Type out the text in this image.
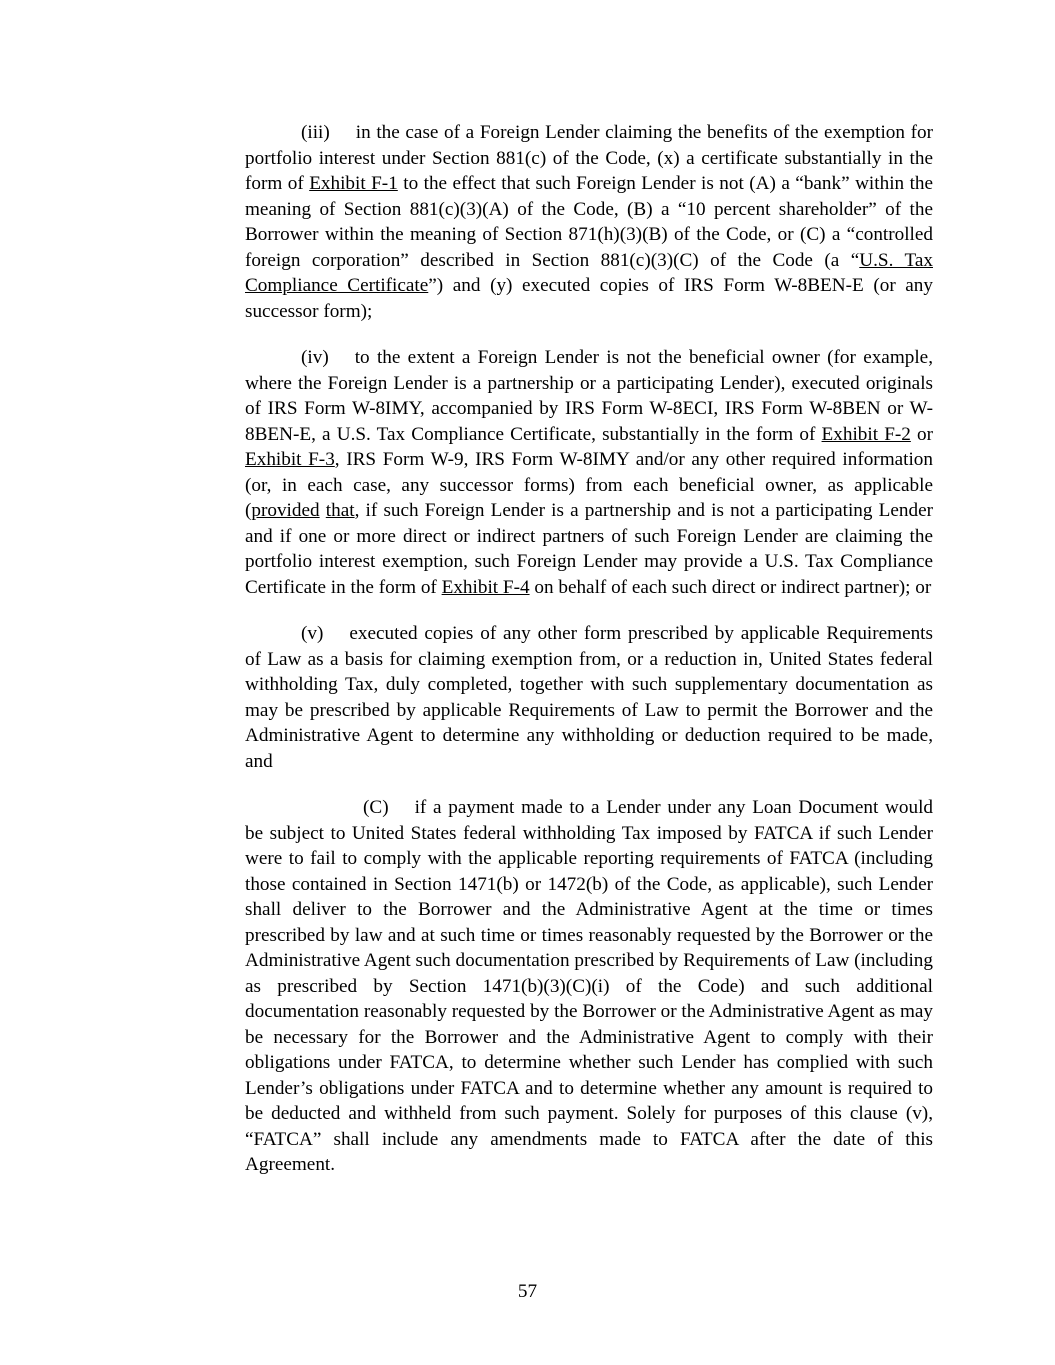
(iii) in the case of a Foreign Lender claiming the benefits of the exemption for portfolio interest under Section 881(c) of the Code, (x) a certificate substantially in the form of Exhibit F-1 to the effect that such Foreign Lender is not (A) a “bank” within the meaning of Section 881(c)(3)(A) of the Code, (B) a “10 percent shareholder” of the Borrower within the meaning of Section 871(h)(3)(B) of the Code, or (C) a “controlled foreign corporation” described in Section 881(c)(3)(C) of the Code (a “U.S. Tax Compliance Certificate”) and (y) executed copies of IRS Form W-8BEN-E (or any successor form);

(iv) to the extent a Foreign Lender is not the beneficial owner (for example, where the Foreign Lender is a partnership or a participating Lender), executed originals of IRS Form W-8IMY, accompanied by IRS Form W-8ECI, IRS Form W-8BEN or W-8BEN-E, a U.S. Tax Compliance Certificate, substantially in the form of Exhibit F-2 or Exhibit F-3, IRS Form W-9, IRS Form W-8IMY and/or any other required information (or, in each case, any successor forms) from each beneficial owner, as applicable (provided that, if such Foreign Lender is a partnership and is not a participating Lender and if one or more direct or indirect partners of such Foreign Lender are claiming the portfolio interest exemption, such Foreign Lender may provide a U.S. Tax Compliance Certificate in the form of Exhibit F-4 on behalf of each such direct or indirect partner); or

(v) executed copies of any other form prescribed by applicable Requirements of Law as a basis for claiming exemption from, or a reduction in, United States federal withholding Tax, duly completed, together with such supplementary documentation as may be prescribed by applicable Requirements of Law to permit the Borrower and the Administrative Agent to determine any withholding or deduction required to be made, and

(C) if a payment made to a Lender under any Loan Document would be subject to United States federal withholding Tax imposed by FATCA if such Lender were to fail to comply with the applicable reporting requirements of FATCA (including those contained in Section 1471(b) or 1472(b) of the Code, as applicable), such Lender shall deliver to the Borrower and the Administrative Agent at the time or times prescribed by law and at such time or times reasonably requested by the Borrower or the Administrative Agent such documentation prescribed by Requirements of Law (including as prescribed by Section 1471(b)(3)(C)(i) of the Code) and such additional documentation reasonably requested by the Borrower or the Administrative Agent as may be necessary for the Borrower and the Administrative Agent to comply with their obligations under FATCA, to determine whether such Lender has complied with such Lender’s obligations under FATCA and to determine whether any amount is required to be deducted and withheld from such payment. Solely for purposes of this clause (v), “FATCA” shall include any amendments made to FATCA after the date of this Agreement.

57
